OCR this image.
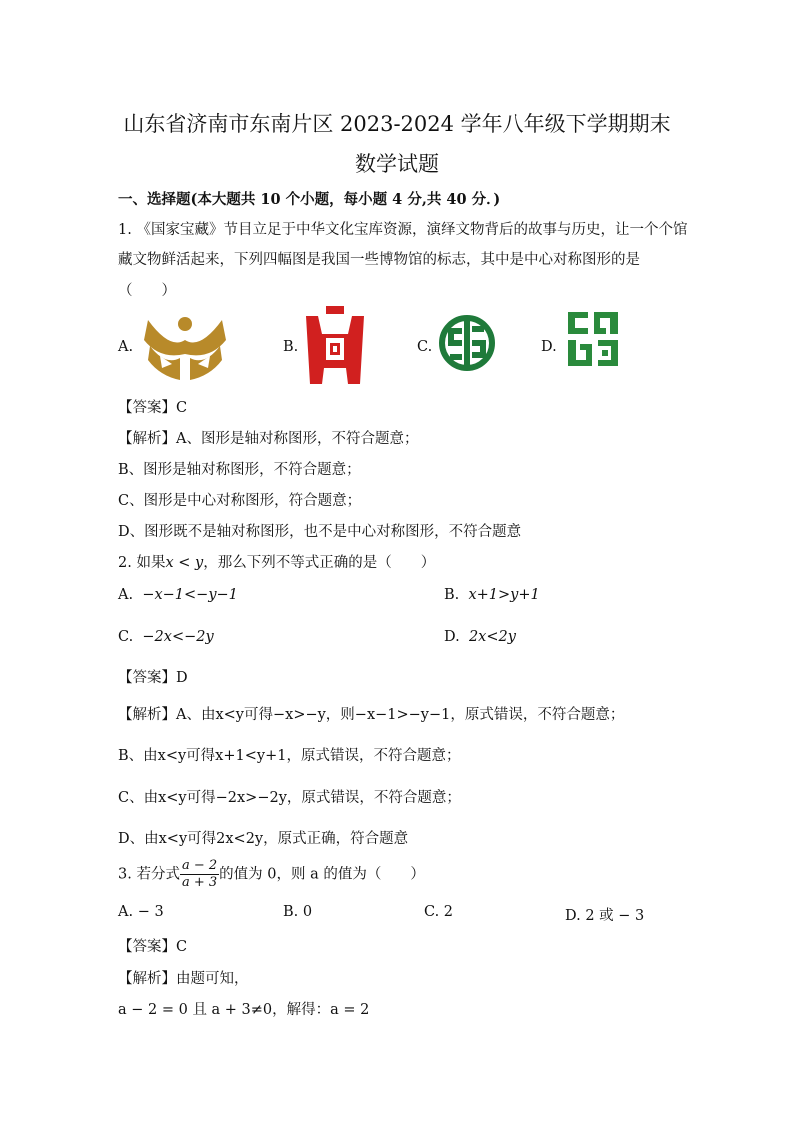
山东省济南市东南片区 2023-2024 学年八年级下学期期末
数学试题
一、选择题(本大题共 10 个小题，每小题 4 分,共 40 分．)
1. 《国家宝藏》节目立足于中华文化宝库资源，演绎文物背后的故事与历史，让一个个馆
藏文物鲜活起来，下列四幅图是我国一些博物馆的标志，其中是中心对称图形的是
（　　）
A.	B.	C.	D.
【答案】C
【解析】A、图形是轴对称图形，不符合题意；
B、图形是轴对称图形，不符合题意；
C、图形是中心对称图形，符合题意；
D、图形既不是轴对称图形，也不是中心对称图形，不符合题意
2. 如果x < y，那么下列不等式正确的是（　　）
A. −x−1<−y−1	B. x+1>y+1
C. −2x<−2y	D. 2x<2y
【答案】D
【解析】A、由x<y可得−x>−y，则−x−1>−y−1，原式错误，不符合题意；
B、由x<y可得x+1<y+1，原式错误，不符合题意；
C、由x<y可得−2x>−2y，原式错误，不符合题意；
D、由x<y可得2x<2y，原式正确，符合题意
3. 若分式 $\frac{a - 2}{a + 3}$ 的值为 0，则 a 的值为（　　）
A. − 3	B. 0	C. 2	D. 2 或 − 3
【答案】C
【解析】由题可知，
a − 2 = 0 且 a + 3≠0，解得：a = 2
